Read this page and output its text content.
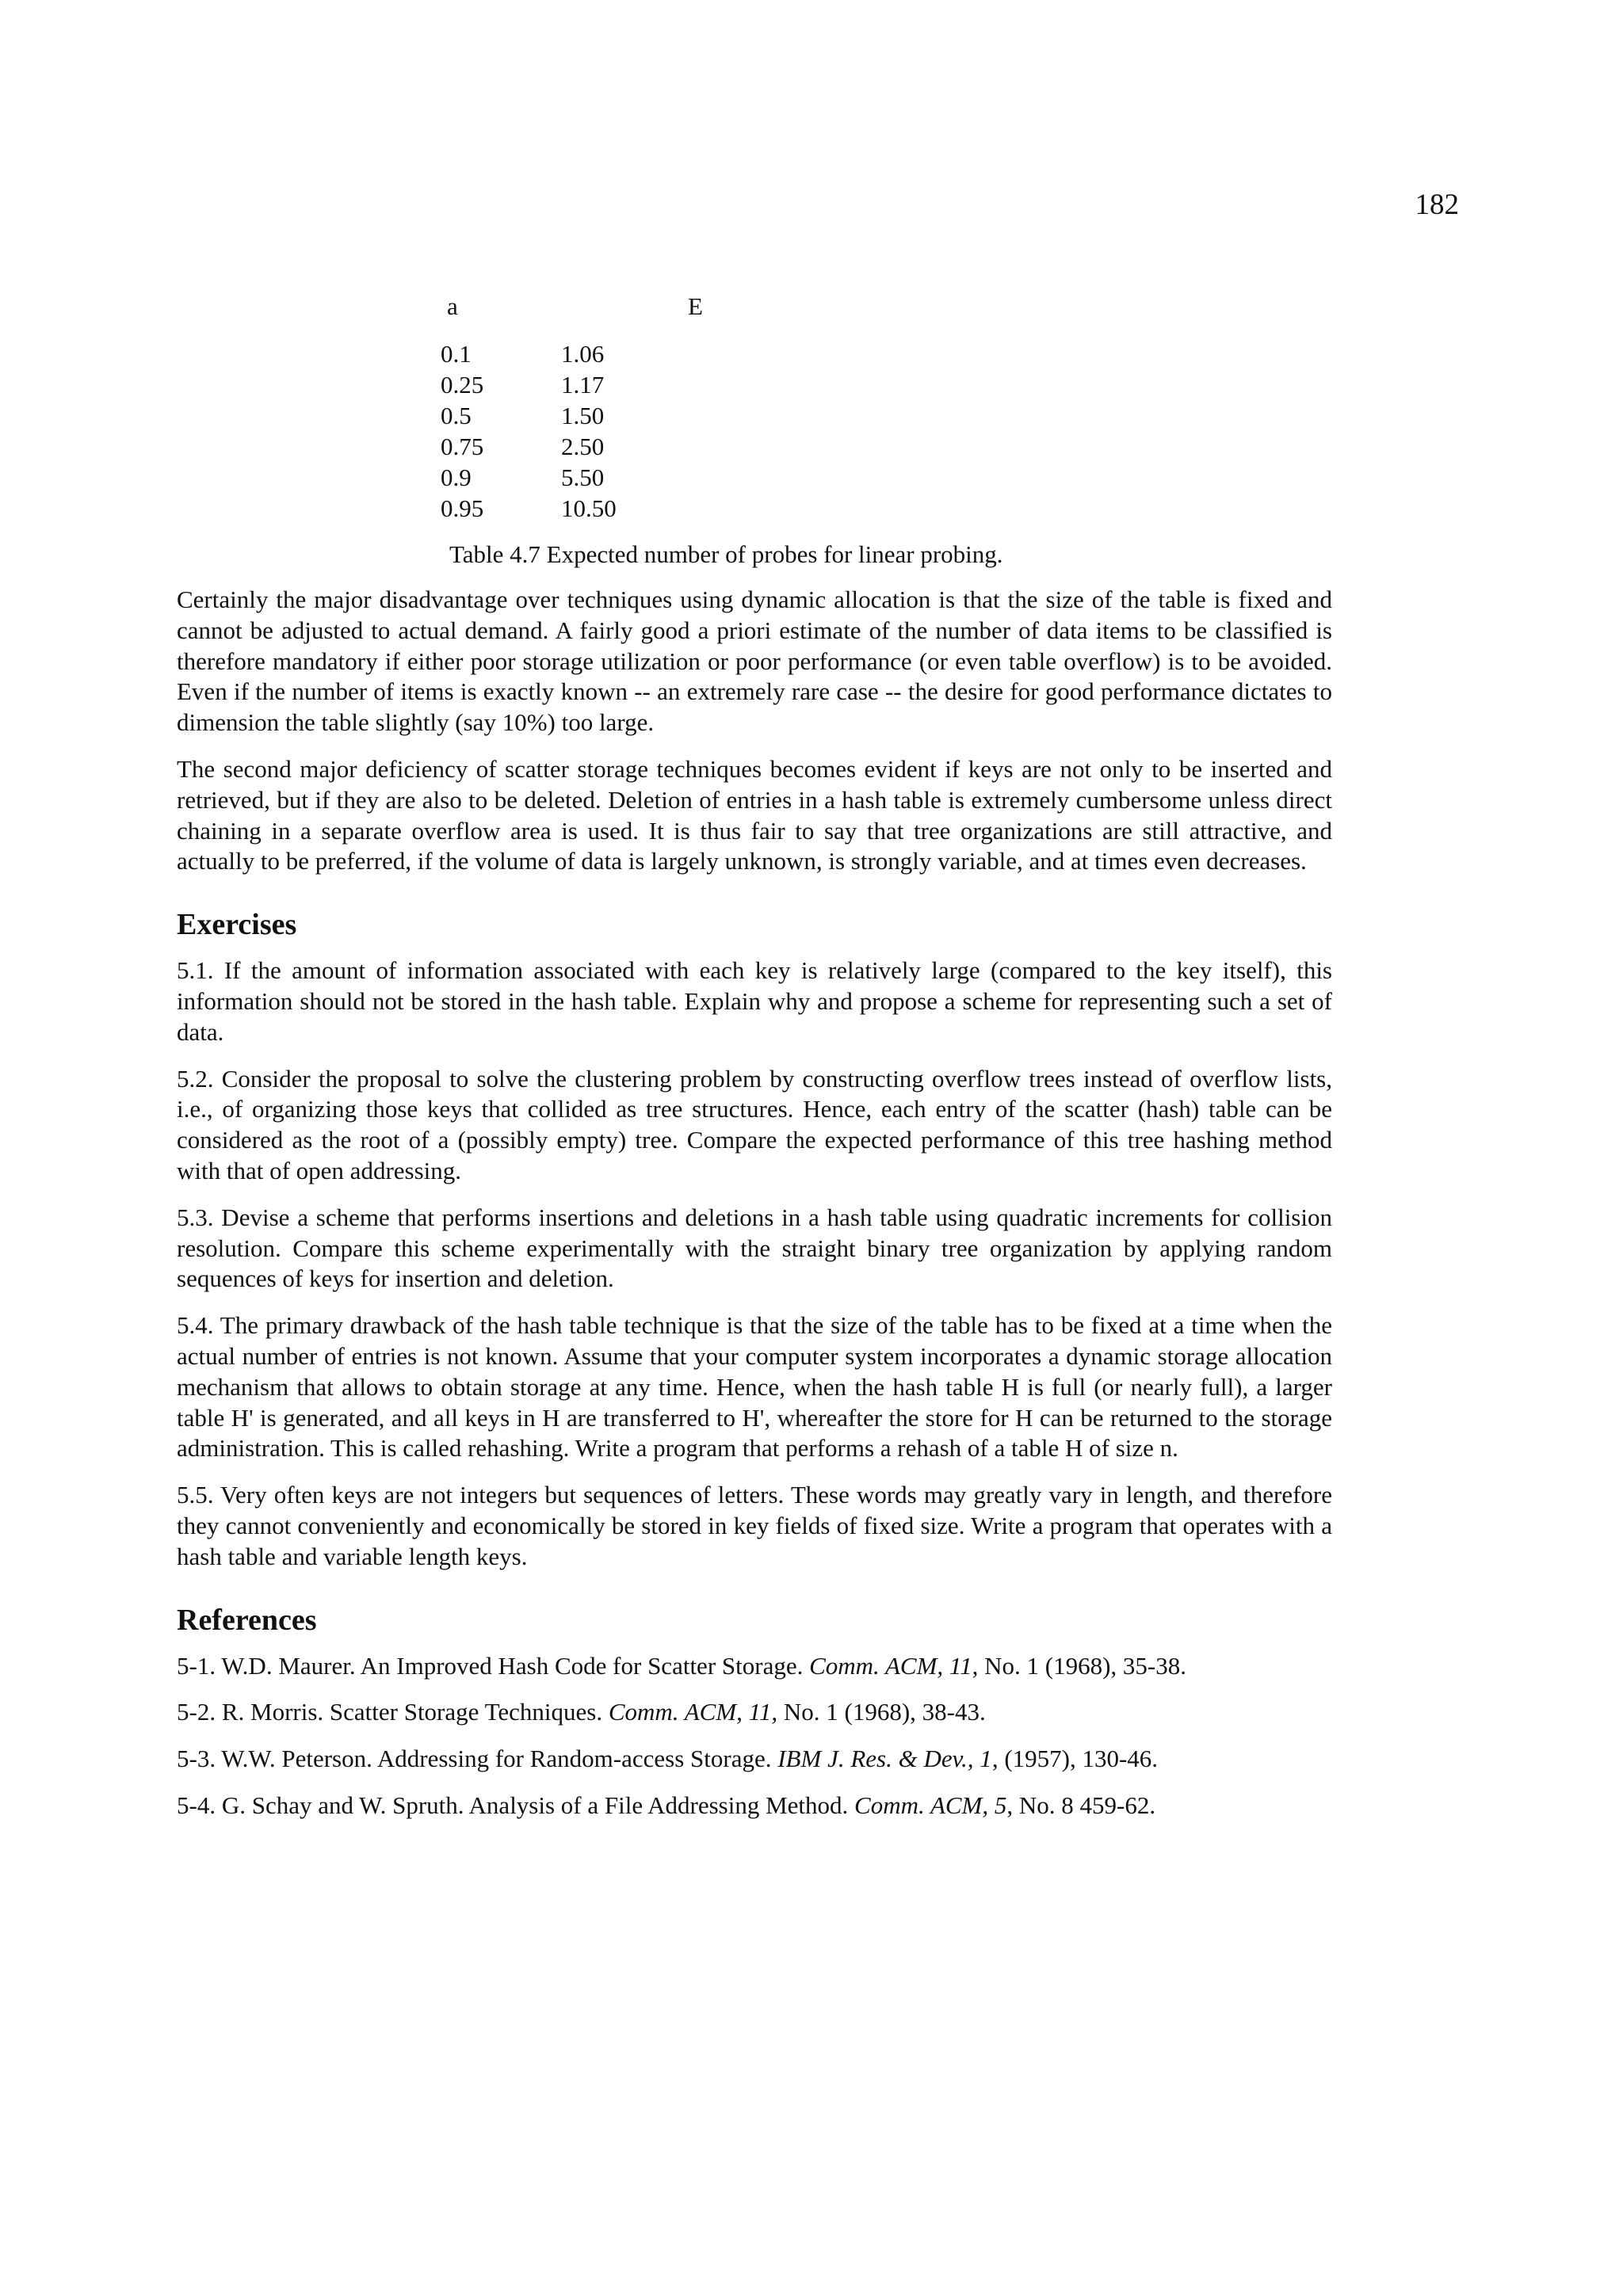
182
a	E
0.1	1.06
0.25	1.17
0.5	1.50
0.75	2.50
0.9	5.50
0.95	10.50
Table 4.7 Expected number of probes for linear probing.

Certainly the major disadvantage over techniques using dynamic allocation is that the size of the table is fixed and cannot be adjusted to actual demand. A fairly good a priori estimate of the number of data items to be classified is therefore mandatory if either poor storage utilization or poor performance (or even table overflow) is to be avoided. Even if the number of items is exactly known -- an extremely rare case -- the desire for good performance dictates to dimension the table slightly (say 10%) too large.

The second major deficiency of scatter storage techniques becomes evident if keys are not only to be inserted and retrieved, but if they are also to be deleted. Deletion of entries in a hash table is extremely cumbersome unless direct chaining in a separate overflow area is used. It is thus fair to say that tree organizations are still attractive, and actually to be preferred, if the volume of data is largely unknown, is strongly variable, and at times even decreases.

Exercises

5.1. If the amount of information associated with each key is relatively large (compared to the key itself), this information should not be stored in the hash table. Explain why and propose a scheme for representing such a set of data.

5.2. Consider the proposal to solve the clustering problem by constructing overflow trees instead of overflow lists, i.e., of organizing those keys that collided as tree structures. Hence, each entry of the scatter (hash) table can be considered as the root of a (possibly empty) tree. Compare the expected performance of this tree hashing method with that of open addressing.

5.3. Devise a scheme that performs insertions and deletions in a hash table using quadratic increments for collision resolution. Compare this scheme experimentally with the straight binary tree organization by applying random sequences of keys for insertion and deletion.

5.4. The primary drawback of the hash table technique is that the size of the table has to be fixed at a time when the actual number of entries is not known. Assume that your computer system incorporates a dynamic storage allocation mechanism that allows to obtain storage at any time. Hence, when the hash table H is full (or nearly full), a larger table H' is generated, and all keys in H are transferred to H', whereafter the store for H can be returned to the storage administration. This is called rehashing. Write a program that performs a rehash of a table H of size n.

5.5. Very often keys are not integers but sequences of letters. These words may greatly vary in length, and therefore they cannot conveniently and economically be stored in key fields of fixed size. Write a program that operates with a hash table and variable length keys.

References

5-1. W.D. Maurer. An Improved Hash Code for Scatter Storage. Comm. ACM, 11, No. 1 (1968), 35-38.

5-2. R. Morris. Scatter Storage Techniques. Comm. ACM, 11, No. 1 (1968), 38-43.

5-3. W.W. Peterson. Addressing for Random-access Storage. IBM J. Res. & Dev., 1, (1957), 130-46.

5-4. G. Schay and W. Spruth. Analysis of a File Addressing Method. Comm. ACM, 5, No. 8 459-62.
